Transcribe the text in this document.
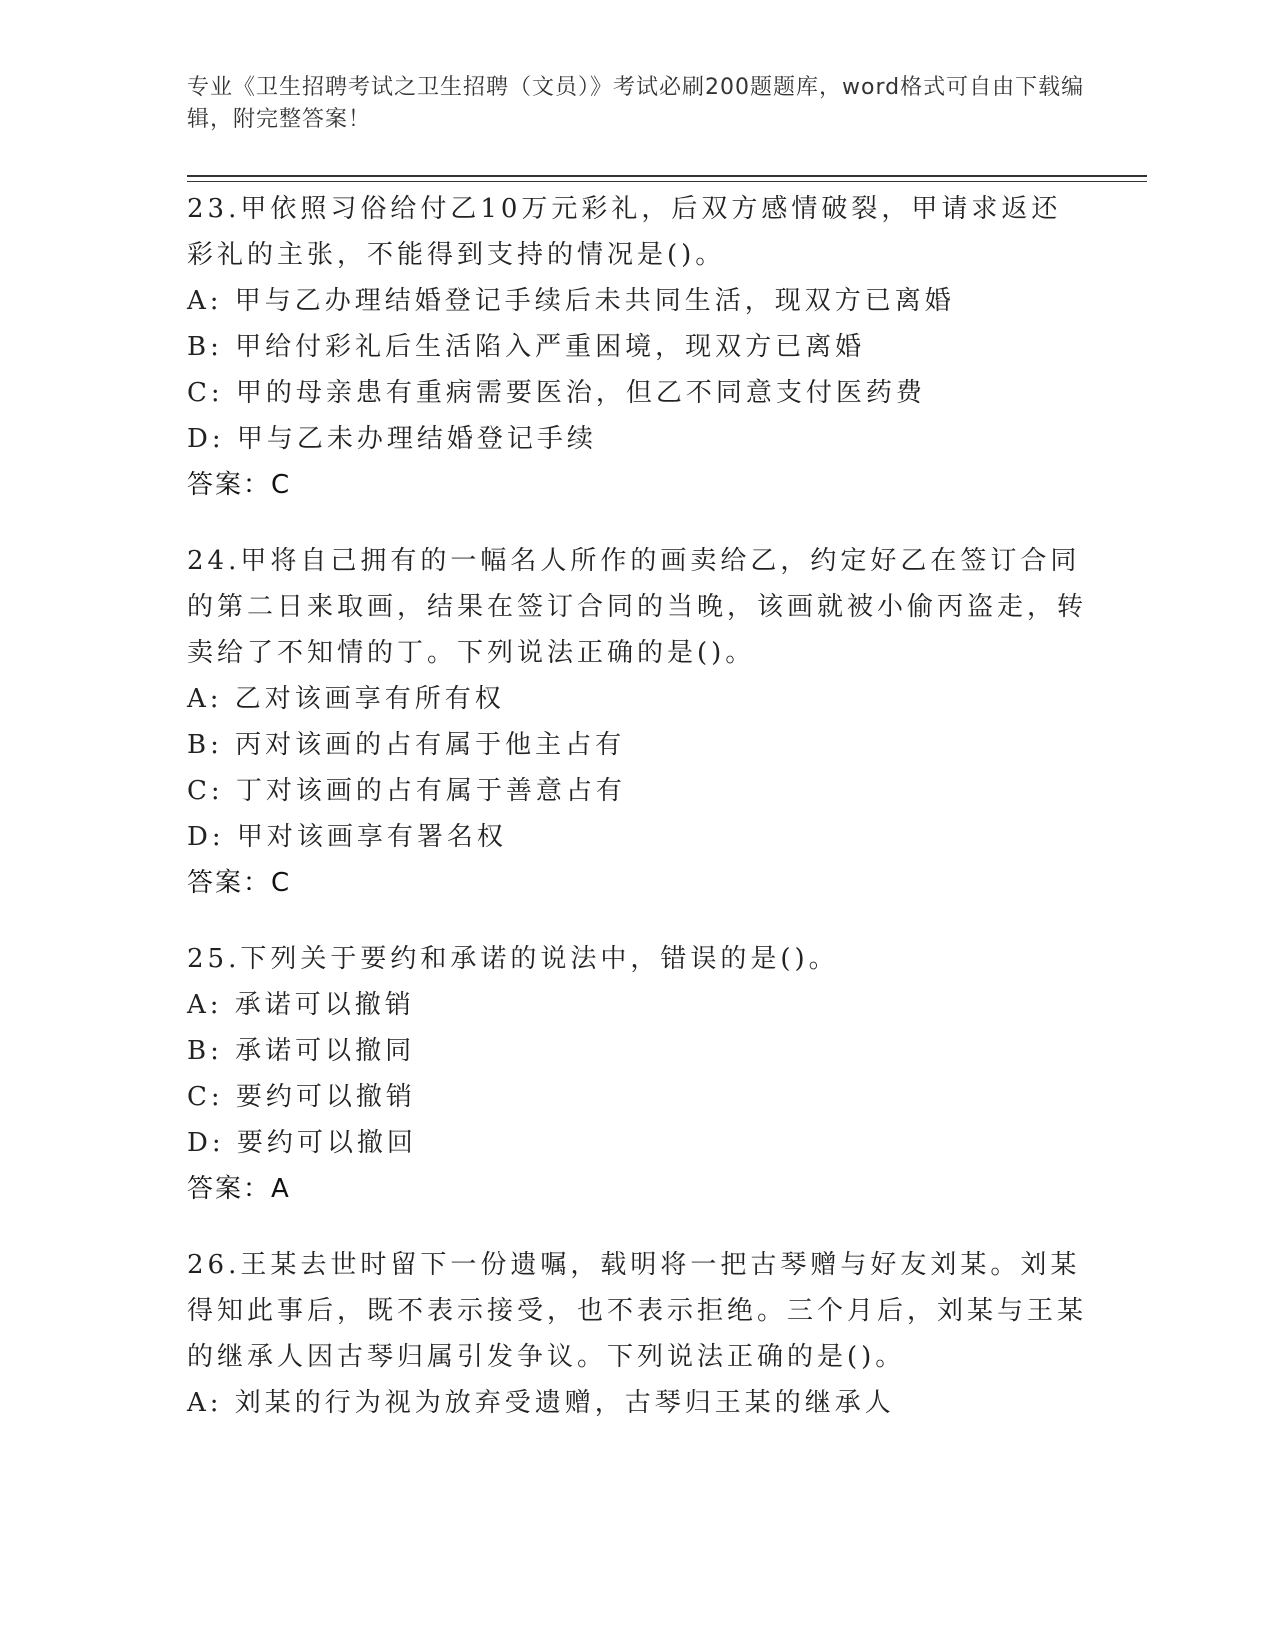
专业《卫生招聘考试之卫生招聘（文员）》考试必刷200题题库，word格式可自由下载编辑，附完整答案！
23.甲依照习俗给付乙10万元彩礼，后双方感情破裂，甲请求返还彩礼的主张，不能得到支持的情况是()。
A: 甲与乙办理结婚登记手续后未共同生活，现双方已离婚
B: 甲给付彩礼后生活陷入严重困境，现双方已离婚
C: 甲的母亲患有重病需要医治，但乙不同意支付医药费
D: 甲与乙未办理结婚登记手续
答案：C
24.甲将自己拥有的一幅名人所作的画卖给乙，约定好乙在签订合同的第二日来取画，结果在签订合同的当晚，该画就被小偷丙盗走，转卖给了不知情的丁。下列说法正确的是()。
A: 乙对该画享有所有权
B: 丙对该画的占有属于他主占有
C: 丁对该画的占有属于善意占有
D: 甲对该画享有署名权
答案：C
25.下列关于要约和承诺的说法中，错误的是()。
A: 承诺可以撤销
B: 承诺可以撤同
C: 要约可以撤销
D: 要约可以撤回
答案：A
26.王某去世时留下一份遗嘱，载明将一把古琴赠与好友刘某。刘某得知此事后，既不表示接受，也不表示拒绝。三个月后，刘某与王某的继承人因古琴归属引发争议。下列说法正确的是()。
A: 刘某的行为视为放弃受遗赠，古琴归王某的继承人
